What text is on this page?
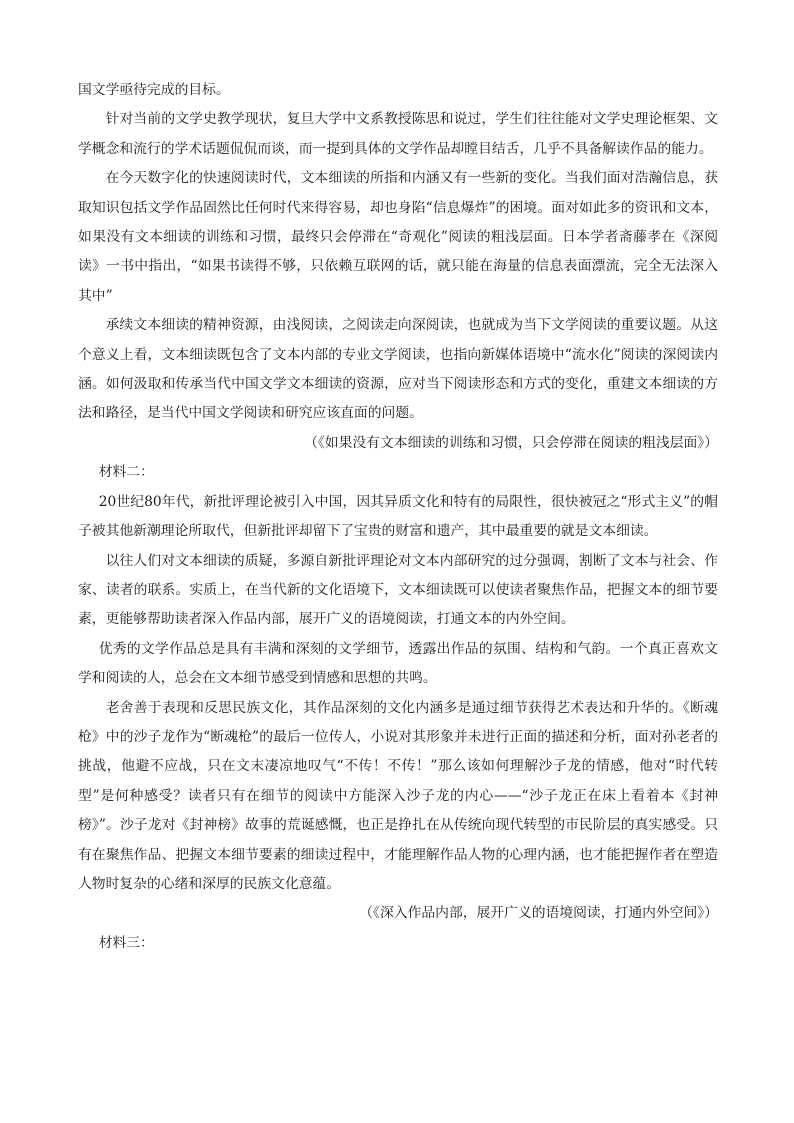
国文学亟待完成的目标。

针对当前的文学史教学现状，复旦大学中文系教授陈思和说过，学生们往往能对文学史理论框架、文学概念和流行的学术话题侃侃而谈，而一提到具体的文学作品却瞠目结舌，几乎不具备解读作品的能力。

在今天数字化的快速阅读时代，文本细读的所指和内涵又有一些新的变化。当我们面对浩瀚信息，获取知识包括文学作品固然比任何时代来得容易，却也身陷“信息爆炸”的困境。面对如此多的资讯和文本，如果没有文本细读的训练和习惯，最终只会停滞在“奇观化”阅读的粗浅层面。日本学者斋藤孝在《深阅读》一书中指出，“如果书读得不够，只依赖互联网的话，就只能在海量的信息表面漂流，完全无法深入其中”

承续文本细读的精神资源，由浅阅读，之阅读走向深阅读，也就成为当下文学阅读的重要议题。从这个意义上看，文本细读既包含了文本内部的专业文学阅读，也指向新媒体语境中“流水化”阅读的深阅读内涵。如何汲取和传承当代中国文学文本细读的资源，应对当下阅读形态和方式的变化，重建文本细读的方法和路径，是当代中国文学阅读和研究应该直面的问题。

（《如果没有文本细读的训练和习惯，只会停滞在阅读的粗浅层面》）

材料二：

20世纪80年代，新批评理论被引入中国，因其异质文化和特有的局限性，很快被冠之“形式主义”的帽子被其他新潮理论所取代，但新批评却留下了宝贵的财富和遗产，其中最重要的就是文本细读。

以往人们对文本细读的质疑，多源自新批评理论对文本内部研究的过分强调，割断了文本与社会、作家、读者的联系。实质上，在当代新的文化语境下，文本细读既可以使读者聚焦作品，把握文本的细节要素，更能够帮助读者深入作品内部，展开广义的语境阅读，打通文本的内外空间。

优秀的文学作品总是具有丰满和深刻的文学细节，透露出作品的氛围、结构和气韵。一个真正喜欢文学和阅读的人，总会在文本细节感受到情感和思想的共鸣。

老舍善于表现和反思民族文化，其作品深刻的文化内涵多是通过细节获得艺术表达和升华的。《断魂枪》中的沙子龙作为“断魂枪”的最后一位传人，小说对其形象并未进行正面的描述和分析，面对孙老者的挑战，他避不应战，只在文末凄凉地叹气“不传！不传！”那么该如何理解沙子龙的情感，他对“时代转型”是何种感受？读者只有在细节的阅读中方能深入沙子龙的内心——“沙子龙正在床上看着本《封神榜》”。沙子龙对《封神榜》故事的荒诞感慨，也正是挣扎在从传统向现代转型的市民阶层的真实感受。只有在聚焦作品、把握文本细节要素的细读过程中，才能理解作品人物的心理内涵，也才能把握作者在塑造人物时复杂的心绪和深厚的民族文化意蕴。

（《深入作品内部，展开广义的语境阅读，打通内外空间》）

材料三：
